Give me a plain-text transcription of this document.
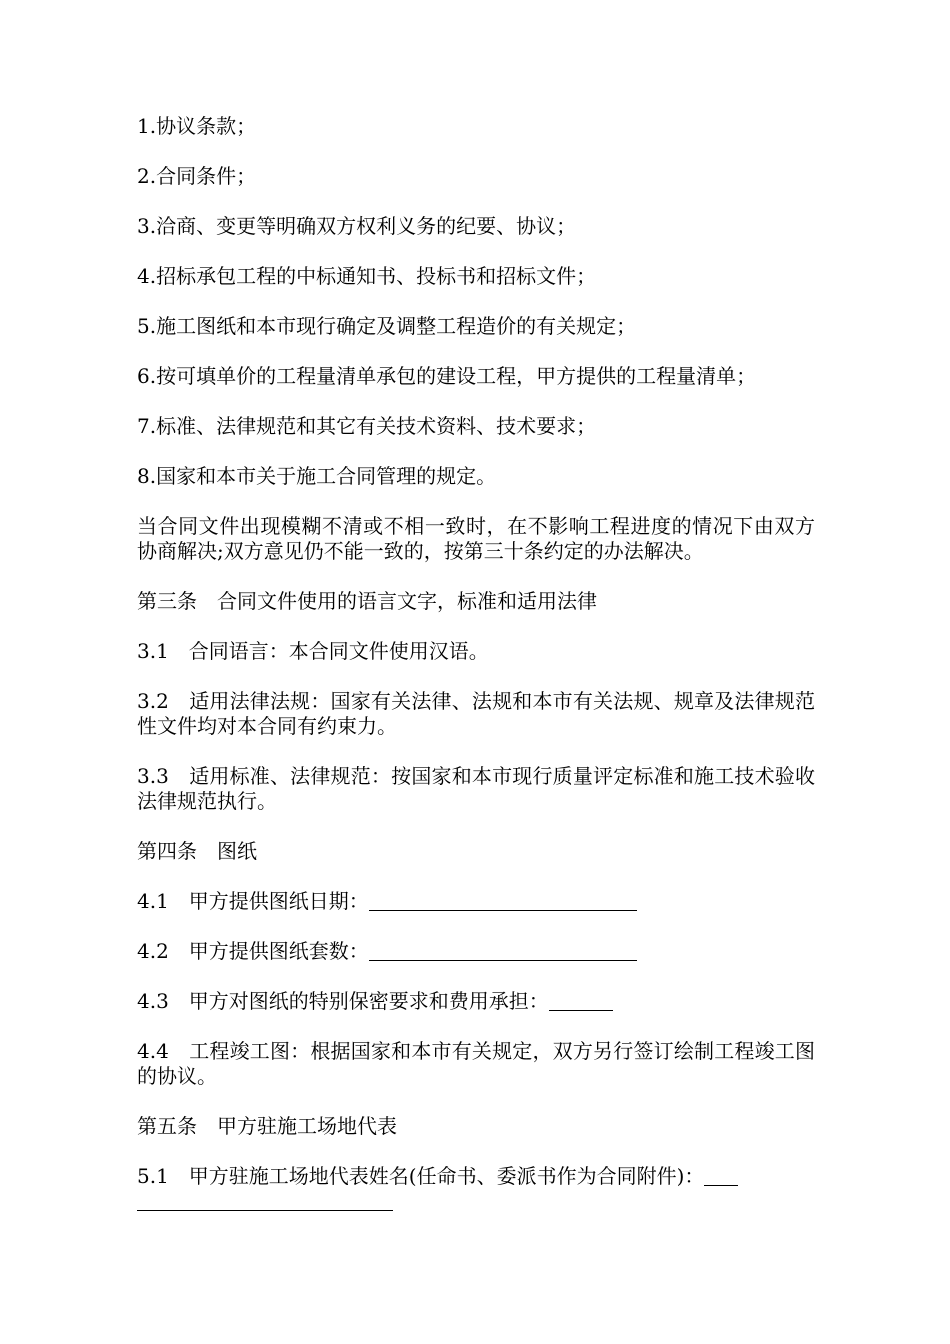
1.协议条款；

2.合同条件；

3.洽商、变更等明确双方权利义务的纪要、协议；

4.招标承包工程的中标通知书、投标书和招标文件；

5.施工图纸和本市现行确定及调整工程造价的有关规定；

6.按可填单价的工程量清单承包的建设工程，甲方提供的工程量清单；

7.标准、法律规范和其它有关技术资料、技术要求；

8.国家和本市关于施工合同管理的规定。

当合同文件出现模糊不清或不相一致时，在不影响工程进度的情况下由双方协商解决;双方意见仍不能一致的，按第三十条约定的办法解决。

第三条　合同文件使用的语言文字，标准和适用法律

3.1　合同语言：本合同文件使用汉语。

3.2　适用法律法规：国家有关法律、法规和本市有关法规、规章及法律规范性文件均对本合同有约束力。

3.3　适用标准、法律规范：按国家和本市现行质量评定标准和施工技术验收法律规范执行。

第四条　图纸

4.1　甲方提供图纸日期：

4.2　甲方提供图纸套数：

4.3　甲方对图纸的特别保密要求和费用承担：

4.4　工程竣工图：根据国家和本市有关规定，双方另行签订绘制工程竣工图的协议。

第五条　甲方驻施工场地代表

5.1　甲方驻施工场地代表姓名(任命书、委派书作为合同附件)：
